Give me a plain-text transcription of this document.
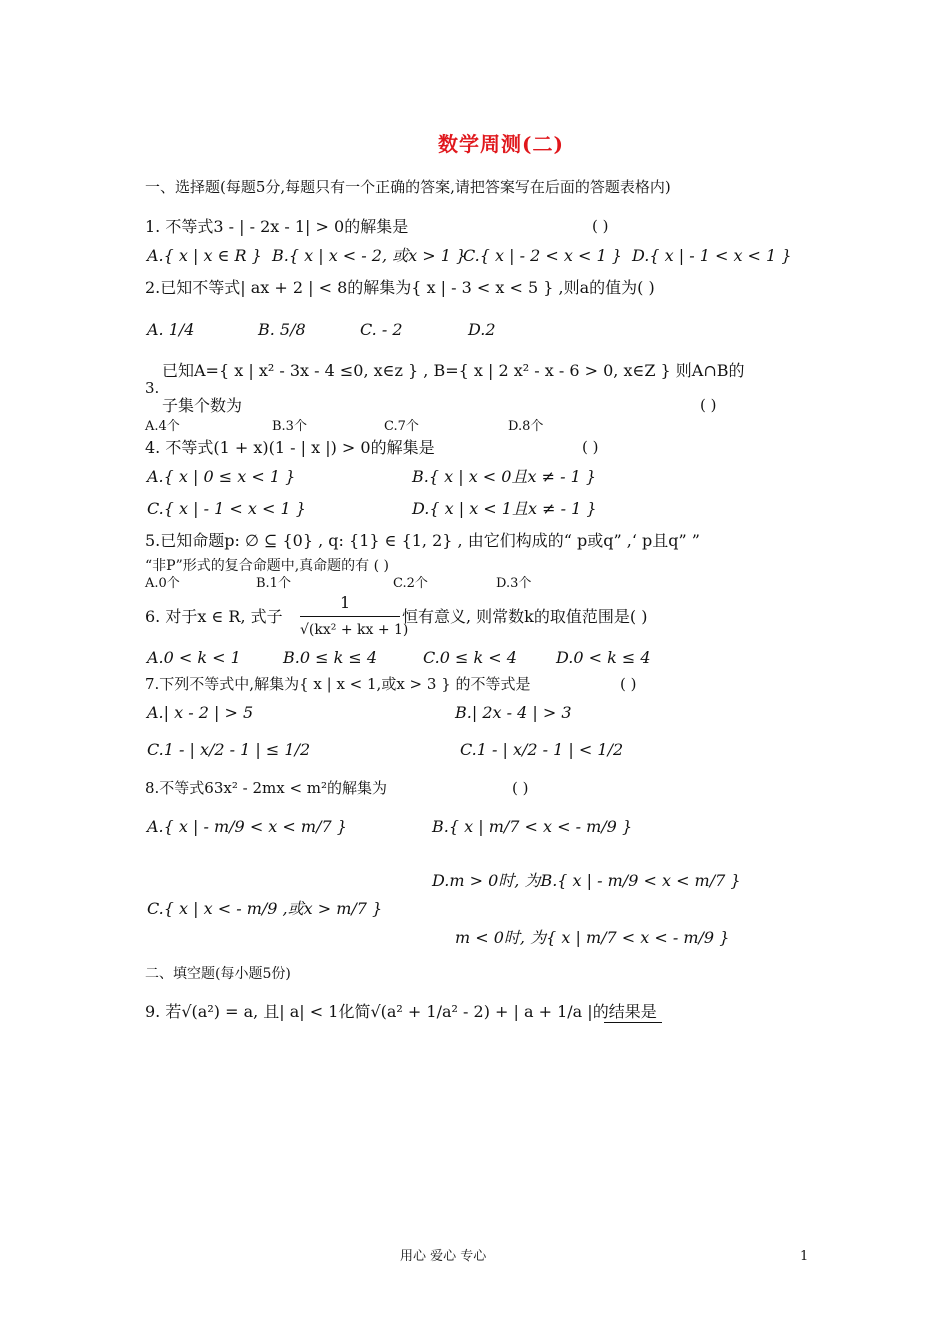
数学周测(二)
一、选择题(每题5分,每题只有一个正确的答案,请把答案写在后面的答题表格内)
1. 不等式3 - | - 2x - 1| > 0的解集是	( )
A.{ x | x ∈ R } B.{ x | x < - 2, 或x > 1 }
C.{ x | - 2 < x < 1 } D.{ x | - 1 < x < 1 }
2.已知不等式| ax + 2 | < 8的解集为{ x | - 3 < x < 5 } ,则a的值为( )
A. 1/4	B. 5/8	C. - 2	D.2
已知A={ x | x² - 3x - 4 ≤0, x∈z } , B={ x | 2 x² - x - 6 > 0, x∈Z } 则A∩B的
3.
子集个数为	( )
A.4个	B.3个	C.7个	D.8个
4. 不等式(1 + x)(1 - | x |) > 0的解集是	( )
A.{ x | 0 ≤ x < 1 }	B.{ x | x < 0且x ≠ - 1 }
C.{ x | - 1 < x < 1 }	D.{ x | x < 1且x ≠ - 1 }
5.已知命题p: ∅ ⊆ {0} , q: {1} ∈ {1, 2} , 由它们构成的“ p或q” ,‘ p且q” ”
“非P”形式的复合命题中,真命题的有 ( )
A.0个	B.1个	C.2个	D.3个
6. 对于x ∈ R, 式子
1
√(kx² + kx + 1)
恒有意义, 则常数k的取值范围是( )
A.0 < k < 1	B.0 ≤ k ≤ 4	C.0 ≤ k < 4 D.0 < k ≤ 4
7.下列不等式中,解集为{ x | x < 1,或x > 3 } 的不等式是	( )
A.| x - 2 | > 5	B.| 2x - 4 | > 3
C.1 - | x/2 - 1 | ≤ 1/2	C.1 - | x/2 - 1 | < 1/2
8.不等式63x² - 2mx < m²的解集为	( )
A.{ x | - m/9 < x < m/7 }	B.{ x | m/7 < x < - m/9 }
C.{ x | x < - m/9 ,或x > m/7 }
D.m > 0时, 为B.{ x | - m/9 < x < m/7 }
m < 0时, 为{ x | m/7 < x < - m/9 }
二、填空题(每小题5份)
9. 若√(a²) = a, 且| a| < 1化简√(a² + 1/a² - 2) + | a + 1/a |的结果是
用心 爱心 专心	1
